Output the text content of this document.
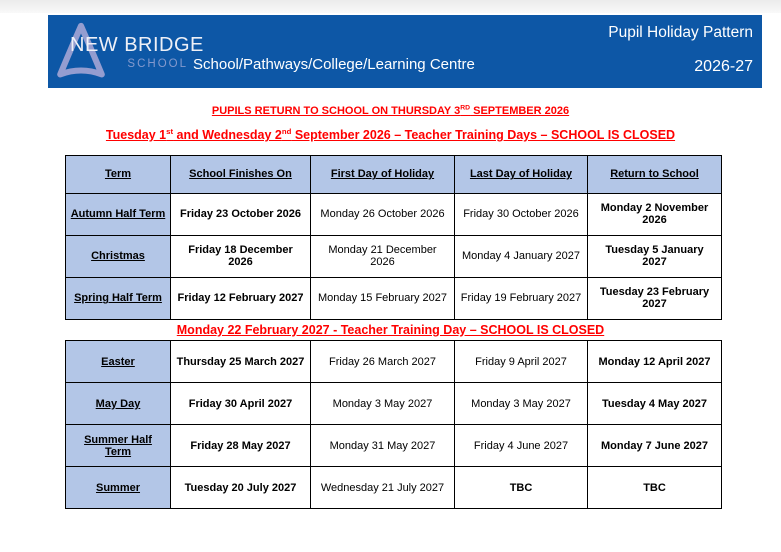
NEW BRIDGE
SCHOOL School/Pathways/College/Learning Centre
Pupil Holiday Pattern
2026-27
PUPILS RETURN TO SCHOOL ON THURSDAY 3RD SEPTEMBER 2026
Tuesday 1st and Wednesday 2nd September 2026 – Teacher Training Days – SCHOOL IS CLOSED
Term	School Finishes On	First Day of Holiday	Last Day of Holiday	Return to School
Autumn Half Term	Friday 23 October 2026	Monday 26 October 2026	Friday 30 October 2026	Monday 2 November 2026
Christmas	Friday 18 December 2026	Monday 21 December 2026	Monday 4 January 2027	Tuesday 5 January 2027
Spring Half Term	Friday 12 February 2027	Monday 15 February 2027	Friday 19 February 2027	Tuesday 23 February 2027
Monday 22 February 2027 - Teacher Training Day – SCHOOL IS CLOSED
Easter	Thursday 25 March 2027	Friday 26 March 2027	Friday 9 April 2027	Monday 12 April 2027
May Day	Friday 30 April 2027	Monday 3 May 2027	Monday 3 May 2027	Tuesday 4 May 2027
Summer Half Term	Friday 28 May 2027	Monday 31 May 2027	Friday 4 June 2027	Monday 7 June 2027
Summer	Tuesday 20 July 2027	Wednesday 21 July 2027	TBC	TBC
